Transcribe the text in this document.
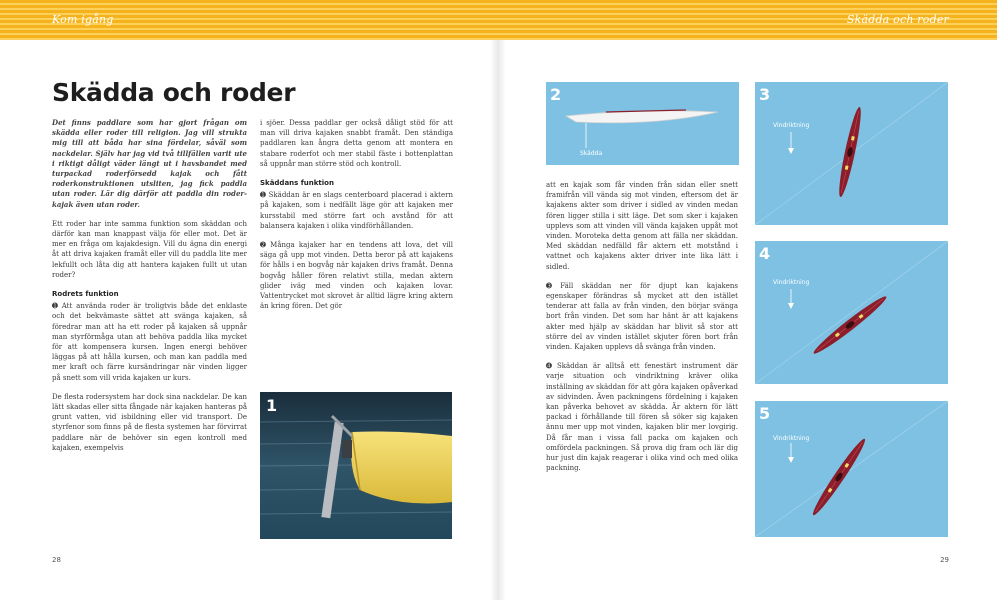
Kom igång	Skädda och roder
Skädda och roder

Det finns paddlare som har gjort frågan om skädda eller roder till religion. Jag vill strukta mig till att båda har sina fördelar, såväl som nackdelar. Själv har jag vid två tillfällen varit ute i riktigt dåligt väder längt ut i havsbandet med turpackad roderförsedd kajak och fått roderkonstruktionen utsliten, jag fick paddla utan roder. Lär dig därför att paddla din roderkajak även utan roder.

Ett roder har inte samma funktion som skäddan och därför kan man knappast välja för eller mot. Det är mer en fråga om kajakdesign. Vill du ägna din energi åt att driva kajaken framåt eller vill du paddla lite mer lekfullt och låta dig att hantera kajaken fullt ut utan roder?

Rodrets funktion

➊ Att använda roder är troligtvis både det enklaste och det bekvämaste sättet att svänga kajaken, så föredrar man att ha ett roder på kajaken så uppnår man styrförmåga utan att behöva paddla lika mycket för att kompensera kursen. Ingen energi behöver läggas på att hålla kursen, och man kan paddla med mer kraft och färre kursändringar när vinden ligger på snett som vill vrida kajaken ur kurs.

De flesta rodersystem har dock sina nackdelar. De kan lätt skadas eller sitta fångade när kajaken hanteras på grunt vatten, vid isbildning eller vid transport. De styrfenor som finns på de flesta systemen har förvirrat paddlare när de behöver sin egen kontroll med kajaken, exempelvis

i sjöer. Dessa paddlar ger också dåligt stöd för att man vill driva kajaken snabbt framåt. Den ständiga paddlaren kan ångra detta genom att montera en stabare roderfot och mer stabil fäste i bottenplattan så uppnår man större stöd och kontroll.

Skäddans funktion

➊ Skäddan är en slags centerboard placerad i aktern på kajaken, som i nedfällt läge gör att kajaken mer kursstabil med större fart och avstånd för att balansera kajaken i olika vindförhållanden.

➋ Många kajaker har en tendens att lova, det vill säga gå upp mot vinden. Detta beror på att kajakens för hålls i en bogvåg när kajaken drivs framåt. Denna bogvåg håller fören relativt stilla, medan aktern glider iväg med vinden och kajaken lovar. Vattentrycket mot skrovet är alltid lägre kring aktern än kring fören. Det gör

1

att en kajak som får vinden från sidan eller snett framifrån vill vända sig mot vinden, eftersom det är kajakens akter som driver i sidled av vinden medan fören ligger stilla i sitt läge. Det som sker i kajaken upplevs som att vinden vill vända kajaken uppåt mot vinden. Moroteka detta genom att fälla ner skäddan. Med skäddan nedfälld får aktern ett motstånd i vattnet och kajakens akter driver inte lika lätt i sidled.

➌ Fäll skäddan ner för djupt kan kajakens egenskaper förändras så mycket att den istället tenderar att falla av från vinden, den börjar svänga bort från vinden. Det som har hänt är att kajakens akter med hjälp av skäddan har blivit så stor att större del av vinden istället skjuter fören bort från vinden. Kajaken upplevs då svänga från vinden.

➍ Skäddan är alltså ett fenestärt instrument där varje situation och vindriktning kräver olika inställning av skäddan för att göra kajaken opåverkad av sidvinden. Även packningens fördelning i kajaken kan påverka behovet av skädda. Är aktern för lätt packad i förhållande till fören så söker sig kajaken ännu mer upp mot vinden, kajaken blir mer lovgirig. Då får man i vissa fall packa om kajaken och omfördela packningen. Så prova dig fram och lär dig hur just din kajak reagerar i olika vind och med olika packning.

2
Skädda
3
Vindriktning
4
Vindriktning
5
Vindriktning
28	29
